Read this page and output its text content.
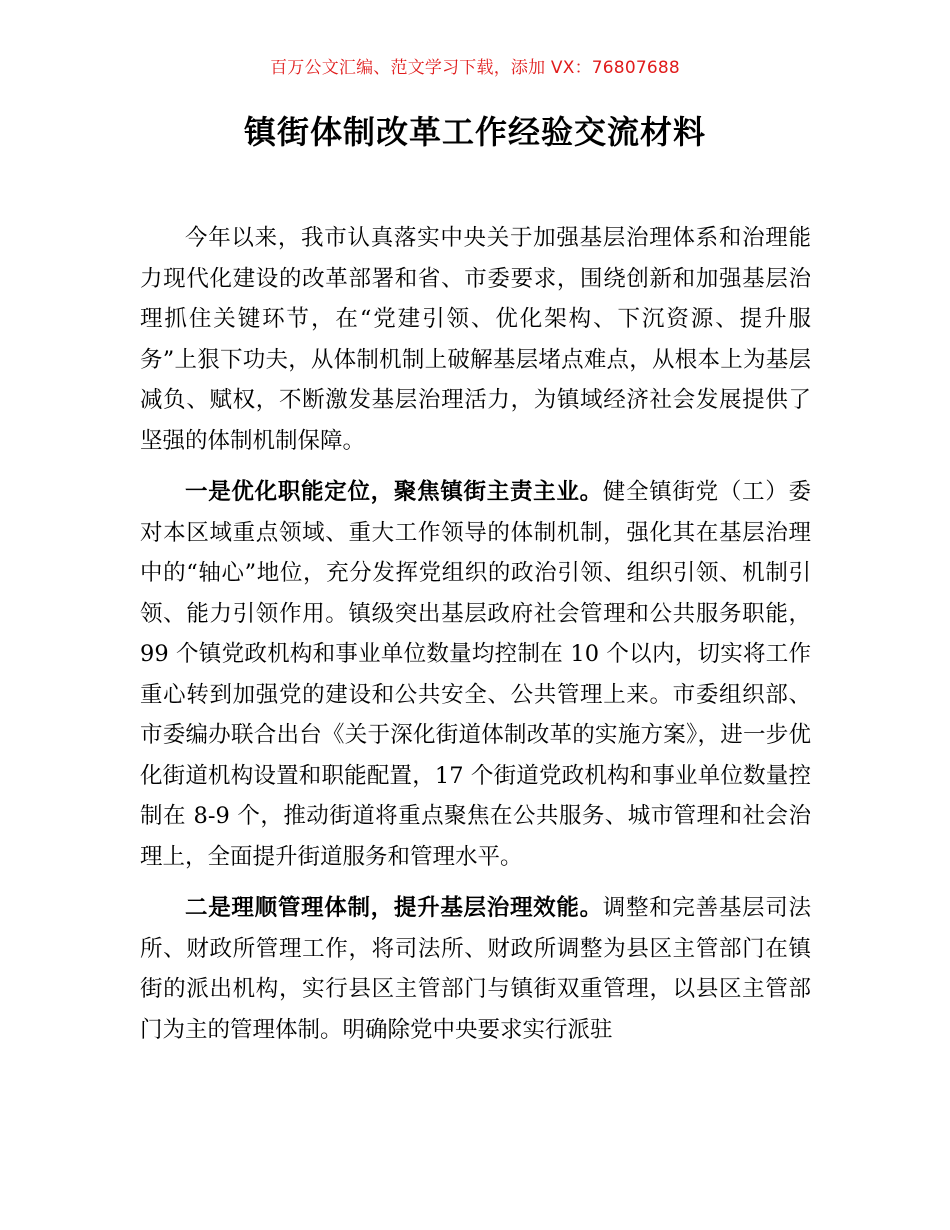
百万公文汇编、范文学习下载，添加 VX：76807688
镇街体制改革工作经验交流材料

今年以来，我市认真落实中央关于加强基层治理体系和治理能力现代化建设的改革部署和省、市委要求，围绕创新和加强基层治理抓住关键环节，在“党建引领、优化架构、下沉资源、提升服务”上狠下功夫，从体制机制上破解基层堵点难点，从根本上为基层减负、赋权，不断激发基层治理活力，为镇域经济社会发展提供了坚强的体制机制保障。

一是优化职能定位，聚焦镇街主责主业。健全镇街党（工）委对本区域重点领域、重大工作领导的体制机制，强化其在基层治理中的“轴心”地位，充分发挥党组织的政治引领、组织引领、机制引领、能力引领作用。镇级突出基层政府社会管理和公共服务职能，99 个镇党政机构和事业单位数量均控制在 10 个以内，切实将工作重心转到加强党的建设和公共安全、公共管理上来。市委组织部、市委编办联合出台《关于深化街道体制改革的实施方案》，进一步优化街道机构设置和职能配置，17 个街道党政机构和事业单位数量控制在 8-9 个，推动街道将重点聚焦在公共服务、城市管理和社会治理上，全面提升街道服务和管理水平。

二是理顺管理体制，提升基层治理效能。调整和完善基层司法所、财政所管理工作，将司法所、财政所调整为县区主管部门在镇街的派出机构，实行县区主管部门与镇街双重管理，以县区主管部门为主的管理体制。明确除党中央要求实行派驻
